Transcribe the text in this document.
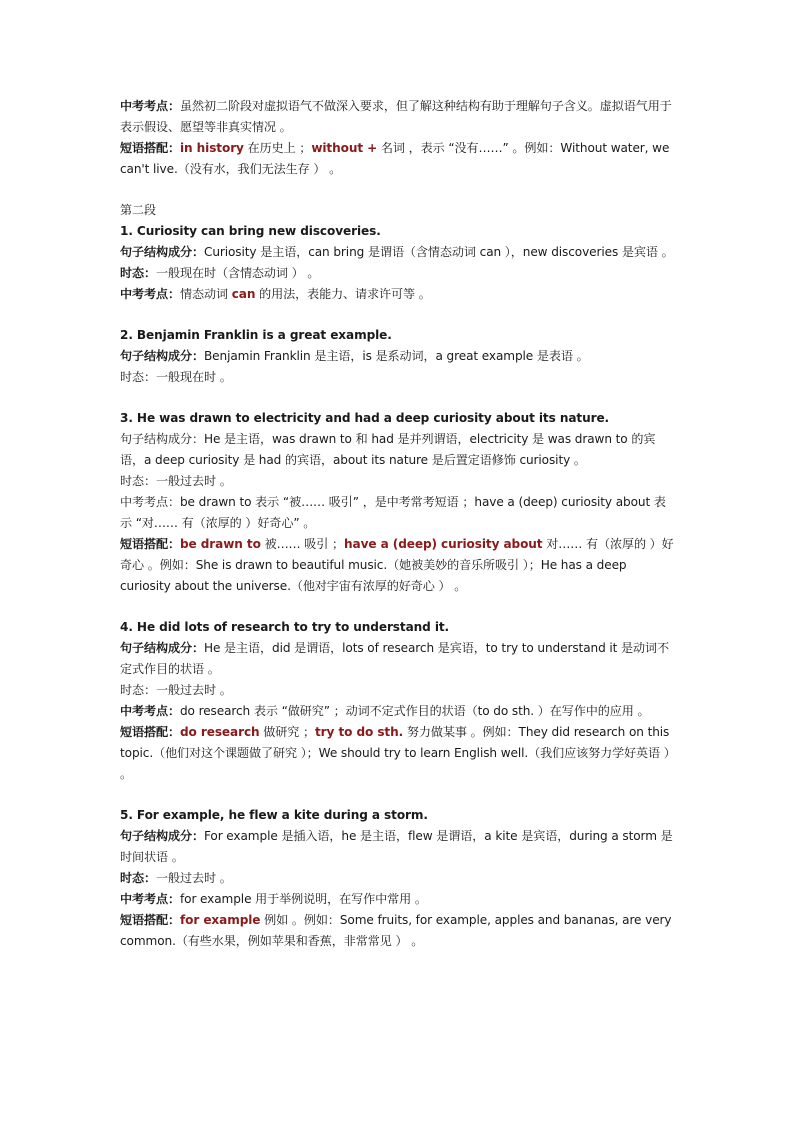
中考考点：虽然初二阶段对虚拟语气不做深入要求，但了解这种结构有助于理解句子含义。虚拟语气用于表示假设、愿望等非真实情况 。

短语搭配：in history 在历史上 ；without + 名词 ，表示 “没有……” 。例如：Without water, we can't live.（没有水，我们无法生存 ） 。

第二段

1. Curiosity can bring new discoveries.

句子结构成分：Curiosity 是主语，can bring 是谓语（含情态动词 can ），new discoveries 是宾语 。

时态：一般现在时（含情态动词 ） 。

中考考点：情态动词 can 的用法，表能力、请求许可等 。

2. Benjamin Franklin is a great example.

句子结构成分：Benjamin Franklin 是主语，is 是系动词，a great example 是表语 。

时态：一般现在时 。

3. He was drawn to electricity and had a deep curiosity about its nature.

句子结构成分：He 是主语，was drawn to 和 had 是并列谓语，electricity 是 was drawn to 的宾语，a deep curiosity 是 had 的宾语，about its nature 是后置定语修饰 curiosity 。

时态：一般过去时 。

中考考点：be drawn to 表示 “被…… 吸引” ，是中考常考短语 ；have a (deep) curiosity about 表示 “对…… 有（浓厚的 ）好奇心” 。

短语搭配：be drawn to 被…… 吸引 ；have a (deep) curiosity about 对…… 有（浓厚的 ）好奇心 。例如：She is drawn to beautiful music.（她被美妙的音乐所吸引 ）；He has a deep curiosity about the universe.（他对宇宙有浓厚的好奇心 ） 。

4. He did lots of research to try to understand it.

句子结构成分：He 是主语，did 是谓语，lots of research 是宾语，to try to understand it 是动词不定式作目的状语 。

时态：一般过去时 。

中考考点：do research 表示 “做研究” ；动词不定式作目的状语（to do sth. ）在写作中的应用 。

短语搭配：do research 做研究 ；try to do sth. 努力做某事 。例如：They did research on this topic.（他们对这个课题做了研究 ）；We should try to learn English well.（我们应该努力学好英语 ） 。

5. For example, he flew a kite during a storm.

句子结构成分：For example 是插入语，he 是主语，flew 是谓语，a kite 是宾语，during a storm 是时间状语 。

时态：一般过去时 。

中考考点：for example 用于举例说明，在写作中常用 。

短语搭配：for example 例如 。例如：Some fruits, for example, apples and bananas, are very common.（有些水果，例如苹果和香蕉，非常常见 ） 。
